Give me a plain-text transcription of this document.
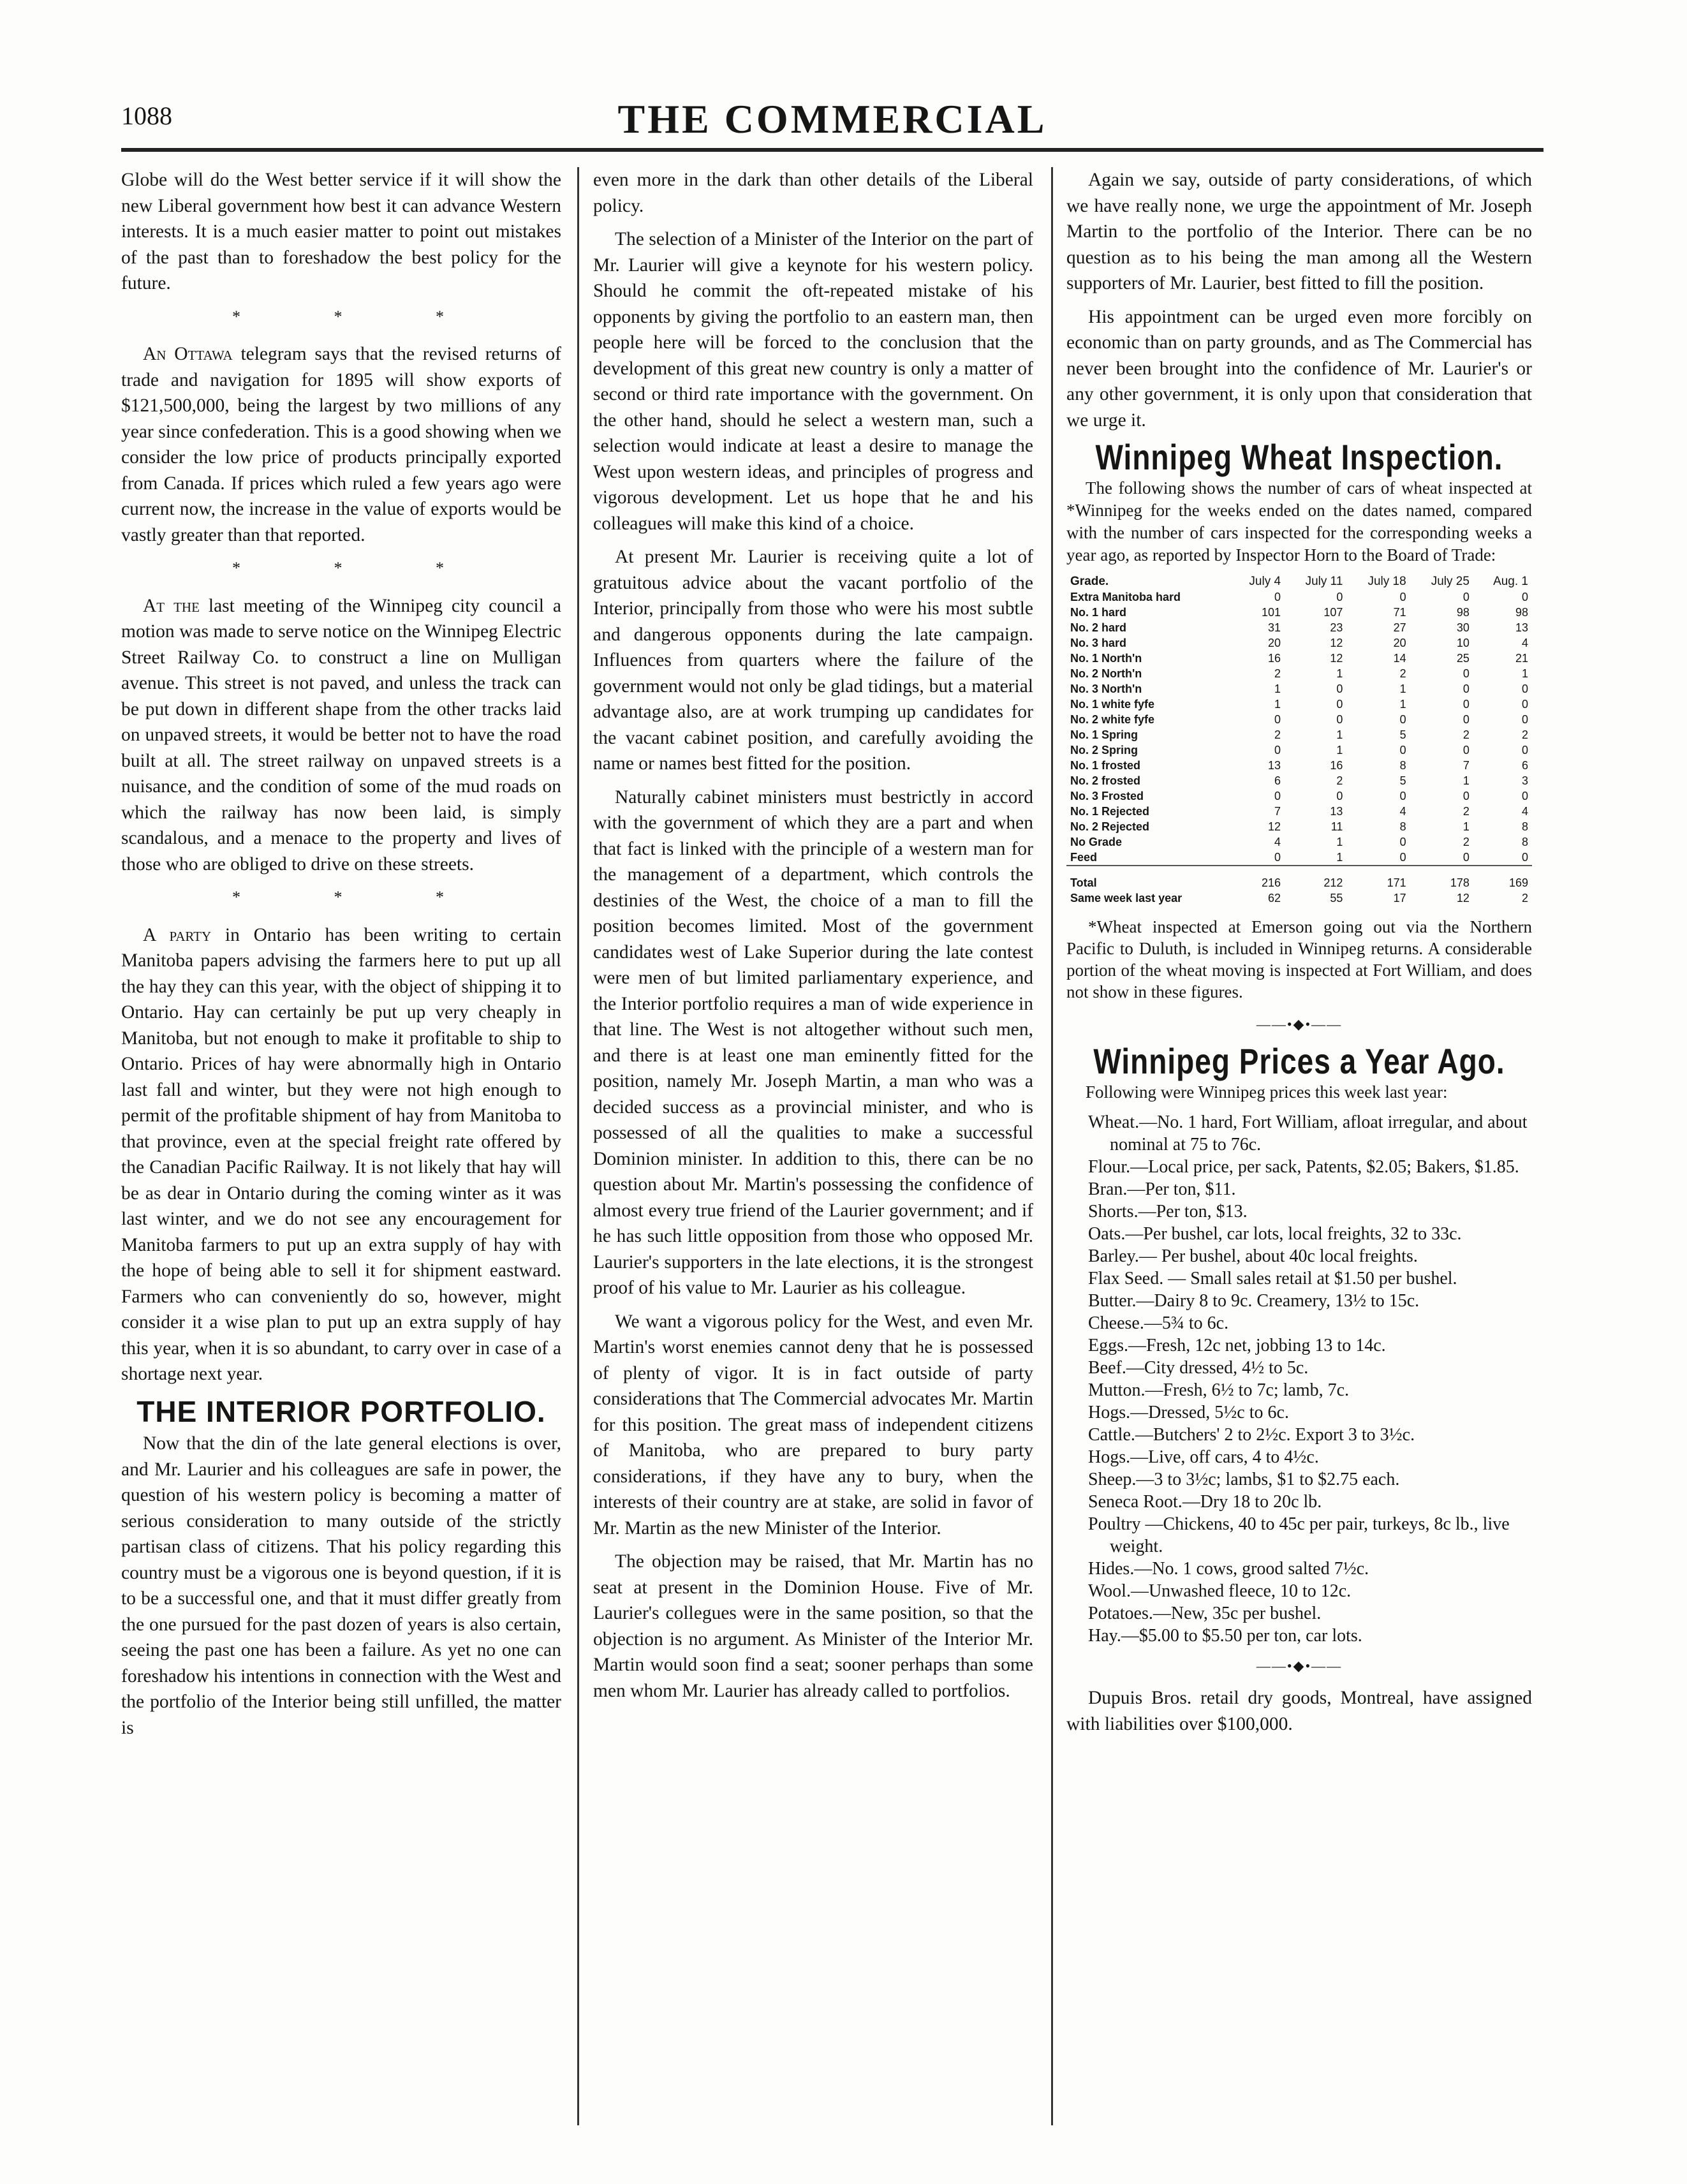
1088	THE COMMERCIAL

Globe will do the West better service if it will show the new Liberal government how best it can advance Western interests. It is a much easier matter to point out mistakes of the past than to foreshadow the best policy for the future.

* * *

An Ottawa telegram says that the revised returns of trade and navigation for 1895 will show exports of $121,500,000, being the largest by two millions of any year since confederation. This is a good showing when we consider the low price of products principally exported from Canada. If prices which ruled a few years ago were current now, the increase in the value of exports would be vastly greater than that reported.

* * *

At the last meeting of the Winnipeg city council a motion was made to serve notice on the Winnipeg Electric Street Railway Co. to construct a line on Mulligan avenue. This street is not paved, and unless the track can be put down in different shape from the other tracks laid on unpaved streets, it would be better not to have the road built at all. The street railway on unpaved streets is a nuisance, and the condition of some of the mud roads on which the railway has now been laid, is simply scandalous, and a menace to the property and lives of those who are obliged to drive on these streets.

* * *

A party in Ontario has been writing to certain Manitoba papers advising the farmers here to put up all the hay they can this year, with the object of shipping it to Ontario. Hay can certainly be put up very cheaply in Manitoba, but not enough to make it profitable to ship to Ontario. Prices of hay were abnormally high in Ontario last fall and winter, but they were not high enough to permit of the profitable shipment of hay from Manitoba to that province, even at the special freight rate offered by the Canadian Pacific Railway. It is not likely that hay will be as dear in Ontario during the coming winter as it was last winter, and we do not see any encouragement for Manitoba farmers to put up an extra supply of hay with the hope of being able to sell it for shipment eastward. Farmers who can conveniently do so, however, might consider it a wise plan to put up an extra supply of hay this year, when it is so abundant, to carry over in case of a shortage next year.

THE INTERIOR PORTFOLIO.

Now that the din of the late general elections is over, and Mr. Laurier and his colleagues are safe in power, the question of his western policy is becoming a matter of serious consideration to many outside of the strictly partisan class of citizens. That his policy regarding this country must be a vigorous one is beyond question, if it is to be a successful one, and that it must differ greatly from the one pursued for the past dozen of years is also certain, seeing the past one has been a failure. As yet no one can foreshadow his intentions in connection with the West and the portfolio of the Interior being still unfilled, the matter is

even more in the dark than other details of the Liberal policy.

The selection of a Minister of the Interior on the part of Mr. Laurier will give a keynote for his western policy. Should he commit the oft-repeated mistake of his opponents by giving the portfolio to an eastern man, then people here will be forced to the conclusion that the development of this great new country is only a matter of second or third rate importance with the government. On the other hand, should he select a western man, such a selection would indicate at least a desire to manage the West upon western ideas, and principles of progress and vigorous development. Let us hope that he and his colleagues will make this kind of a choice.

At present Mr. Laurier is receiving quite a lot of gratuitous advice about the vacant portfolio of the Interior, principally from those who were his most subtle and dangerous opponents during the late campaign. Influences from quarters where the failure of the government would not only be glad tidings, but a material advantage also, are at work trumping up candidates for the vacant cabinet position, and carefully avoiding the name or names best fitted for the position.

Naturally cabinet ministers must bestrictly in accord with the government of which they are a part and when that fact is linked with the principle of a western man for the management of a department, which controls the destinies of the West, the choice of a man to fill the position becomes limited. Most of the government candidates west of Lake Superior during the late contest were men of but limited parliamentary experience, and the Interior portfolio requires a man of wide experience in that line. The West is not altogether without such men, and there is at least one man eminently fitted for the position, namely Mr. Joseph Martin, a man who was a decided success as a provincial minister, and who is possessed of all the qualities to make a successful Dominion minister. In addition to this, there can be no question about Mr. Martin's possessing the confidence of almost every true friend of the Laurier government; and if he has such little opposition from those who opposed Mr. Laurier's supporters in the late elections, it is the strongest proof of his value to Mr. Laurier as his colleague.

We want a vigorous policy for the West, and even Mr. Martin's worst enemies cannot deny that he is possessed of plenty of vigor. It is in fact outside of party considerations that The Commercial advocates Mr. Martin for this position. The great mass of independent citizens of Manitoba, who are prepared to bury party considerations, if they have any to bury, when the interests of their country are at stake, are solid in favor of Mr. Martin as the new Minister of the Interior.

The objection may be raised, that Mr. Martin has no seat at present in the Dominion House. Five of Mr. Laurier's collegues were in the same position, so that the objection is no argument. As Minister of the Interior Mr. Martin would soon find a seat; sooner perhaps than some men whom Mr. Laurier has already called to portfolios.

Again we say, outside of party considerations, of which we have really none, we urge the appointment of Mr. Joseph Martin to the portfolio of the Interior. There can be no question as to his being the man among all the Western supporters of Mr. Laurier, best fitted to fill the position.

His appointment can be urged even more forcibly on economic than on party grounds, and as The Commercial has never been brought into the confidence of Mr. Laurier's or any other government, it is only upon that consideration that we urge it.

Winnipeg Wheat Inspection.

The following shows the number of cars of wheat inspected at *Winnipeg for the weeks ended on the dates named, compared with the number of cars inspected for the corresponding weeks a year ago, as reported by Inspector Horn to the Board of Trade:

Grade.	July 4	July 11	July 18	July 25	Aug. 1
Extra Manitoba hard	0	0	0	0	0
No. 1 hard	101	107	71	98	98
No. 2 hard	31	23	27	30	13
No. 3 hard	20	12	20	10	4
No. 1 North'n	16	12	14	25	21
No. 2 North'n	2	1	2	0	1
No. 3 North'n	1	0	1	0	0
No. 1 white fyfe	1	0	1	0	0
No. 2 white fyfe	0	0	0	0	0
No. 1 Spring	2	1	5	2	2
No. 2 Spring	0	1	0	0	0
No. 1 frosted	13	16	8	7	6
No. 2 frosted	6	2	5	1	3
No. 3 Frosted	0	0	0	0	0
No. 1 Rejected	7	13	4	2	4
No. 2 Rejected	12	11	8	1	8
No Grade	4	1	0	2	8
Feed	0	1	0	0	0

Total	216	212	171	178	169
Same week last year	62	55	17	12	2

*Wheat inspected at Emerson going out via the Northern Pacific to Duluth, is included in Winnipeg returns. A considerable portion of the wheat moving is inspected at Fort William, and does not show in these figures.

——•◆•——
Winnipeg Prices a Year Ago.

Following were Winnipeg prices this week last year:

Wheat.—No. 1 hard, Fort William, afloat irregular, and about nominal at 75 to 76c.
Flour.—Local price, per sack, Patents, $2.05; Bakers, $1.85.
Bran.—Per ton, $11.
Shorts.—Per ton, $13.
Oats.—Per bushel, car lots, local freights, 32 to 33c.
Barley.— Per bushel, about 40c local freights.
Flax Seed. — Small sales retail at $1.50 per bushel.
Butter.—Dairy 8 to 9c. Creamery, 13½ to 15c.
Cheese.—5¾ to 6c.
Eggs.—Fresh, 12c net, jobbing 13 to 14c.
Beef.—City dressed, 4½ to 5c.
Mutton.—Fresh, 6½ to 7c; lamb, 7c.
Hogs.—Dressed, 5½c to 6c.
Cattle.—Butchers' 2 to 2½c. Export 3 to 3½c.
Hogs.—Live, off cars, 4 to 4½c.
Sheep.—3 to 3½c; lambs, $1 to $2.75 each.
Seneca Root.—Dry 18 to 20c lb.
Poultry —Chickens, 40 to 45c per pair, turkeys, 8c lb., live weight.
Hides.—No. 1 cows, grood salted 7½c.
Wool.—Unwashed fleece, 10 to 12c.
Potatoes.—New, 35c per bushel.
Hay.—$5.00 to $5.50 per ton, car lots.
——•◆•——

Dupuis Bros. retail dry goods, Montreal, have assigned with liabilities over $100,000.
